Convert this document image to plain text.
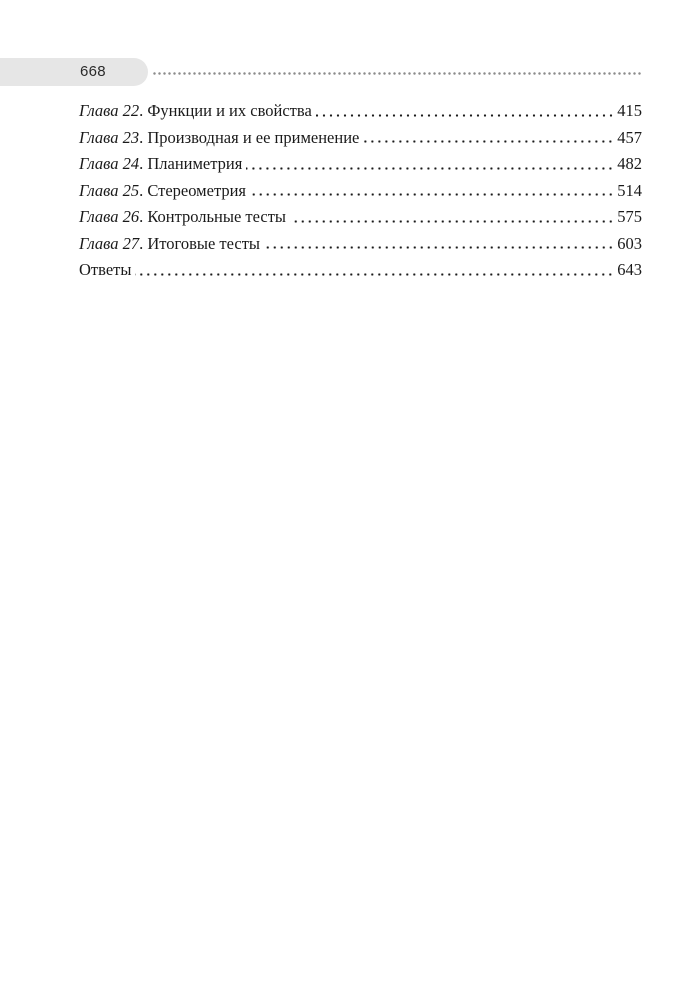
668
Глава 22. Функции и их свойства	415
Глава 23. Производная и ее применение	457
Глава 24. Планиметрия	482
Глава 25. Стереометрия	514
Глава 26. Контрольные тесты	575
Глава 27. Итоговые тесты	603
Ответы	643
